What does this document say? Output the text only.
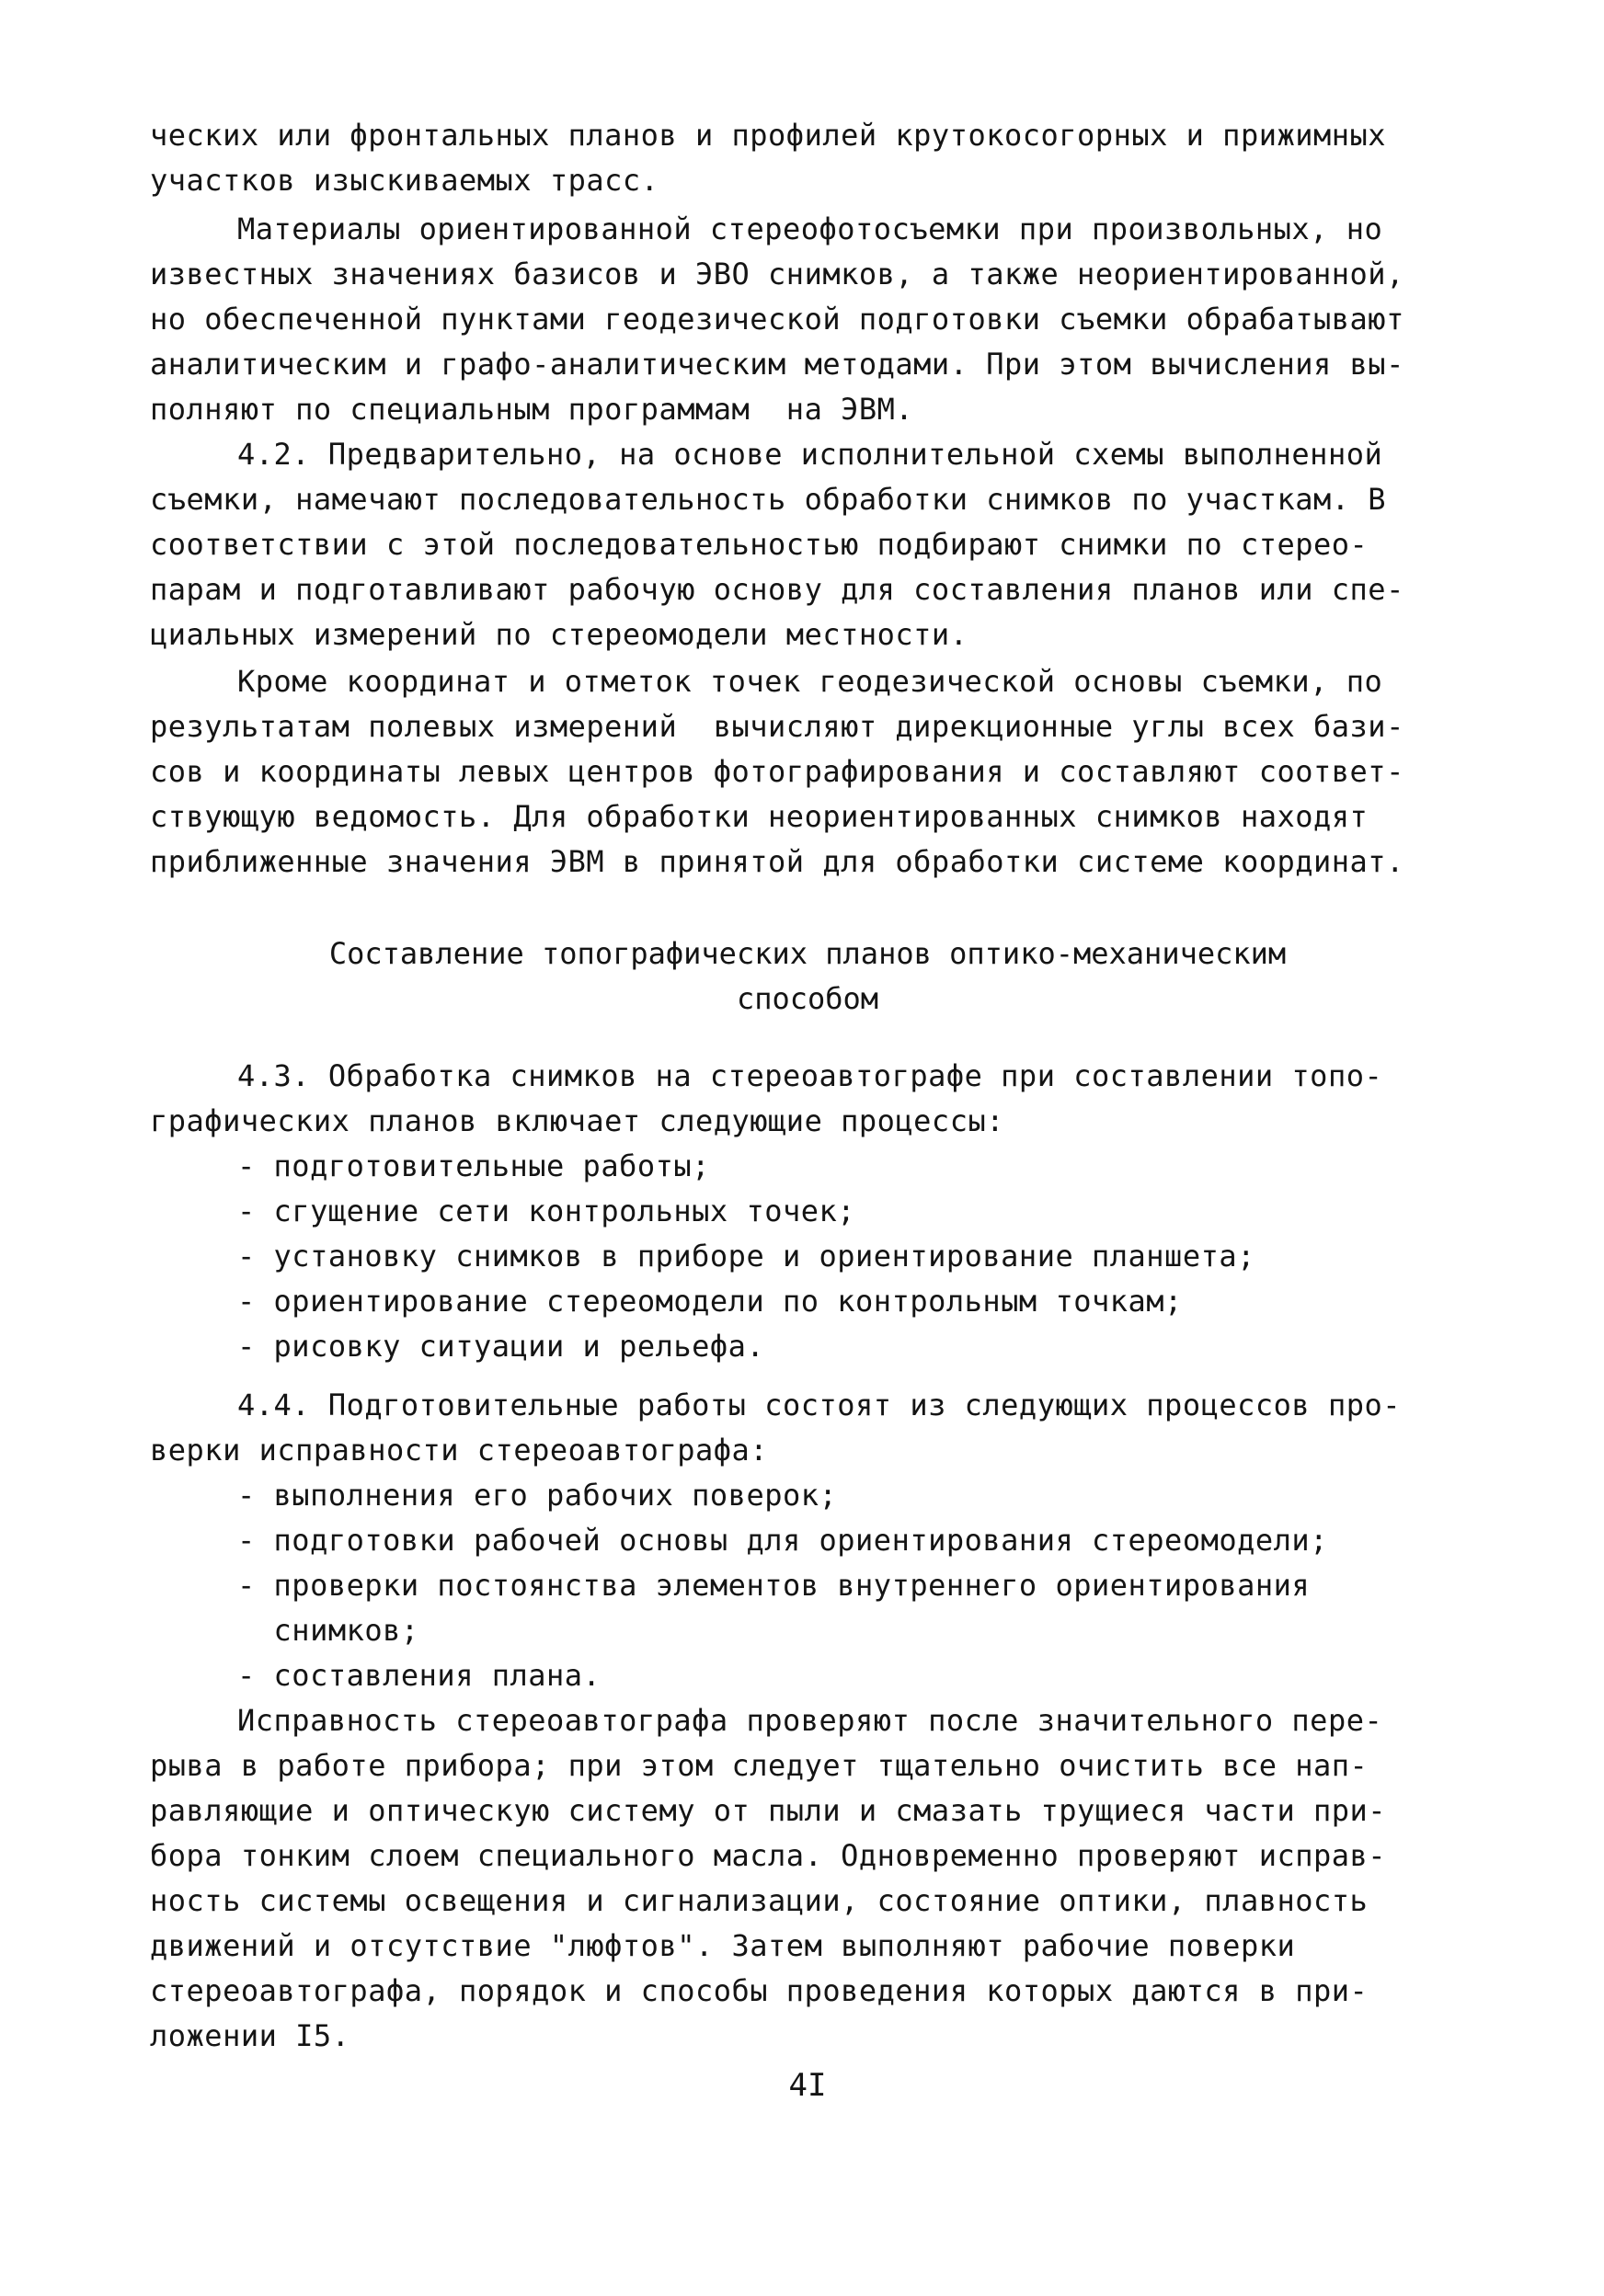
ческих или фронтальных планов и профилей крутокосогорных и прижимных
участков изыскиваемых трасс.
Материалы ориентированной стереофотосъемки при произвольных, но
известных значениях базисов и ЭВО снимков, а также неориентированной,
но обеспеченной пунктами геодезической подготовки съемки обрабатывают
аналитическим и графо-аналитическим методами. При этом вычисления вы-
полняют по специальным программам  на ЭВМ.
4.2. Предварительно, на основе исполнительной схемы выполненной
съемки, намечают последовательность обработки снимков по участкам. В
соответствии с этой последовательностью подбирают снимки по стерео-
парам и подготавливают рабочую основу для составления планов или спе-
циальных измерений по стереомодели местности.
Кроме координат и отметок точек геодезической основы съемки, по
результатам полевых измерений  вычисляют дирекционные углы всех бази-
сов и координаты левых центров фотографирования и составляют соответ-
ствующую ведомость. Для обработки неориентированных снимков находят
приближенные значения ЭВМ в принятой для обработки системе координат.
Составление топографических планов оптико-механическим
способом
4.3. Обработка снимков на стереоавтографе при составлении топо-
графических планов включает следующие процессы:
- подготовительные работы;
- сгущение сети контрольных точек;
- установку снимков в приборе и ориентирование планшета;
- ориентирование стереомодели по контрольным точкам;
- рисовку ситуации и рельефа.
4.4. Подготовительные работы состоят из следующих процессов про-
верки исправности стереоавтографа:
- выполнения его рабочих поверок;
- подготовки рабочей основы для ориентирования стереомодели;
- проверки постоянства элементов внутреннего ориентирования
снимков;
- составления плана.
Исправность стереоавтографа проверяют после значительного пере-
рыва в работе прибора; при этом следует тщательно очистить все нап-
равляющие и оптическую систему от пыли и смазать трущиеся части при-
бора тонким слоем специального масла. Одновременно проверяют исправ-
ность системы освещения и сигнализации, состояние оптики, плавность
движений и отсутствие "люфтов". Затем выполняют рабочие поверки
стереоавтографа, порядок и способы проведения которых даются в при-
ложении I5.
4I
